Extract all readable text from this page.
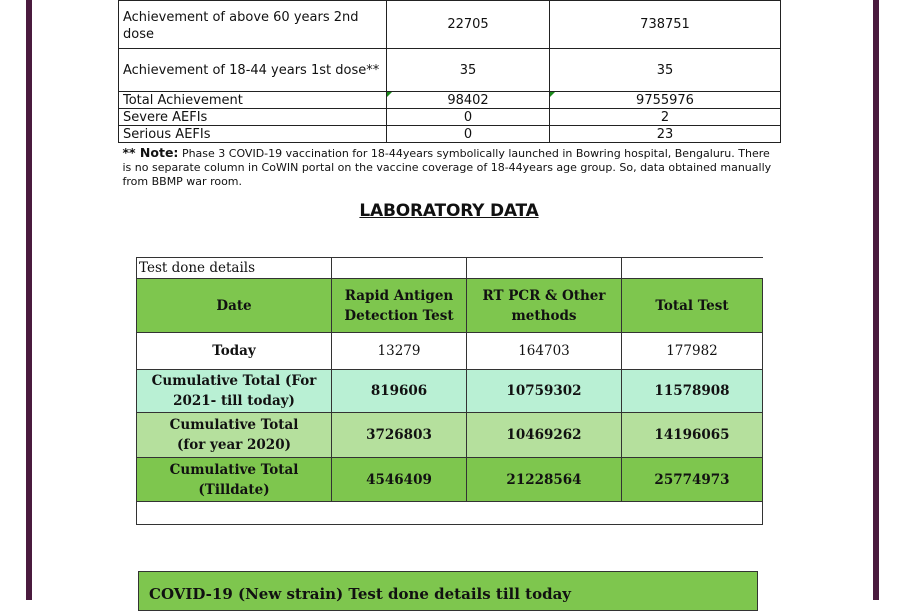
Achievement of above 60 years 2nd dose	22705	738751
Achievement of 18-44 years 1st dose**	35	35
Total Achievement	98402	9755976
Severe AEFIs	0	2
Serious AEFIs	0	23
** Note: Phase 3 COVID-19 vaccination for 18-44years symbolically launched in Bowring hospital, Bengaluru. There is no separate column in CoWIN portal on the vaccine coverage of 18-44years age group. So, data obtained manually from BBMP war room.		
LABORATORY DATA
Test done details			
Date	Rapid Antigen Detection Test	RT PCR & Other methods	Total Test
Today	13279	164703	177982
Cumulative Total (For 2021- till today)	819606	10759302	11578908
Cumulative Total (for year 2020)	3726803	10469262	14196065
Cumulative Total (Tilldate)	4546409	21228564	25774973

COVID-19 (New strain) Test done details till today
